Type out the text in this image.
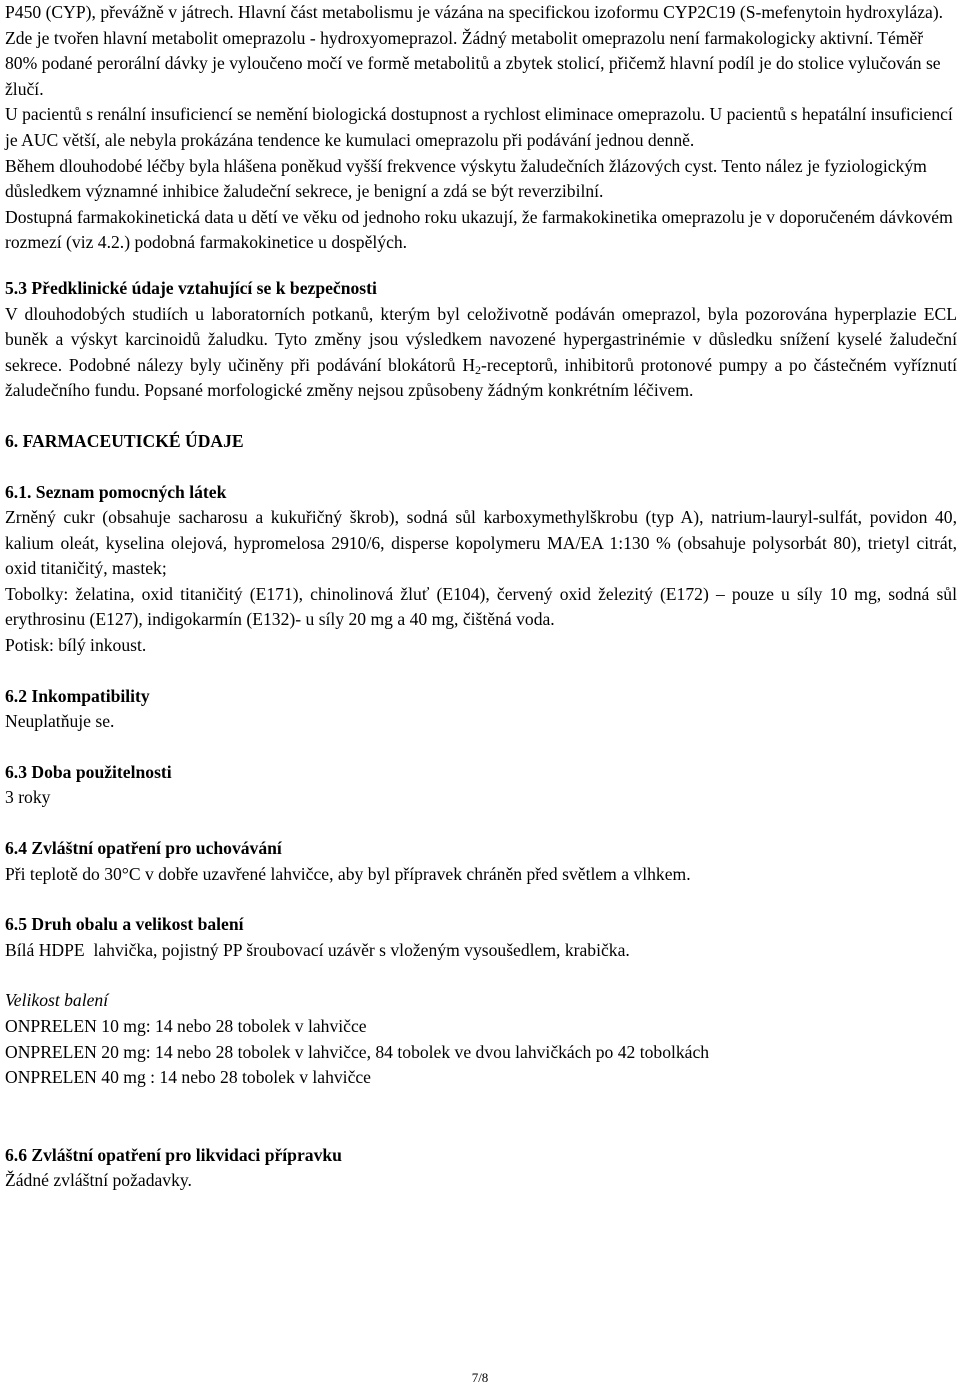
P450 (CYP), převážně v játrech. Hlavní část metabolismu je vázána na specifickou izoformu CYP2C19 (S-mefenytoin hydroxyláza). Zde je tvořen hlavní metabolit omeprazolu - hydroxyomeprazol. Žádný metabolit omeprazolu není farmakologicky aktivní. Téměř 80% podané perorální dávky je vyloučeno močí ve formě metabolitů a zbytek stolicí, přičemž hlavní podíl je do stolice vylučován se žlučí.

U pacientů s renální insuficiencí se nemění biologická dostupnost a rychlost eliminace omeprazolu. U pacientů s hepatální insuficiencí je AUC větší, ale nebyla prokázána tendence ke kumulaci omeprazolu při podávání jednou denně.

Během dlouhodobé léčby byla hlášena poněkud vyšší frekvence výskytu žaludečních žlázových cyst. Tento nález je fyziologickým důsledkem významné inhibice žaludeční sekrece, je benigní a zdá se být reverzibilní.

Dostupná farmakokinetická data u dětí ve věku od jednoho roku ukazují, že farmakokinetika omeprazolu je v doporučeném dávkovém rozmezí (viz 4.2.) podobná farmakokinetice u dospělých.

5.3 Předklinické údaje vztahující se k bezpečnosti

V dlouhodobých studiích u laboratorních potkanů, kterým byl celoživotně podáván omeprazol, byla pozorována hyperplazie ECL buněk a výskyt karcinoidů žaludku. Tyto změny jsou výsledkem navozené hypergastrinémie v důsledku snížení kyselé žaludeční sekrece. Podobné nálezy byly učiněny při podávání blokátorů $H_2$-receptorů, inhibitorů protonové pumpy a po částečném vyříznutí žaludečního fundu. Popsané morfologické změny nejsou způsobeny žádným konkrétním léčivem.

6. FARMACEUTICKÉ ÚDAJE

6.1. Seznam pomocných látek

Zrněný cukr (obsahuje sacharosu a kukuřičný škrob), sodná sůl karboxymethylškrobu (typ A), natrium-lauryl-sulfát, povidon 40, kalium oleát, kyselina olejová, hypromelosa 2910/6, disperse kopolymeru MA/EA 1:130 % (obsahuje polysorbát 80), trietyl citrát, oxid titaničitý, mastek;

Tobolky: želatina, oxid titaničitý (E171), chinolinová žluť (E104), červený oxid železitý (E172) – pouze u síly 10 mg, sodná sůl erythrosinu (E127), indigokarmín (E132)- u síly 20 mg a 40 mg, čištěná voda.

Potisk: bílý inkoust.

6.2 Inkompatibility

Neuplatňuje se.

6.3 Doba použitelnosti

3 roky

6.4 Zvláštní opatření pro uchovávání

Při teplotě do 30°C v dobře uzavřené lahvičce, aby byl přípravek chráněn před světlem a vlhkem.

6.5 Druh obalu a velikost balení

Bílá HDPE  lahvička, pojistný PP šroubovací uzávěr s vloženým vysoušedlem, krabička.

Velikost balení

ONPRELEN 10 mg: 14 nebo 28 tobolek v lahvičce

ONPRELEN 20 mg: 14 nebo 28 tobolek v lahvičce, 84 tobolek ve dvou lahvičkách po 42 tobolkách

ONPRELEN 40 mg : 14 nebo 28 tobolek v lahvičce

6.6 Zvláštní opatření pro likvidaci přípravku

Žádné zvláštní požadavky.

7/8
